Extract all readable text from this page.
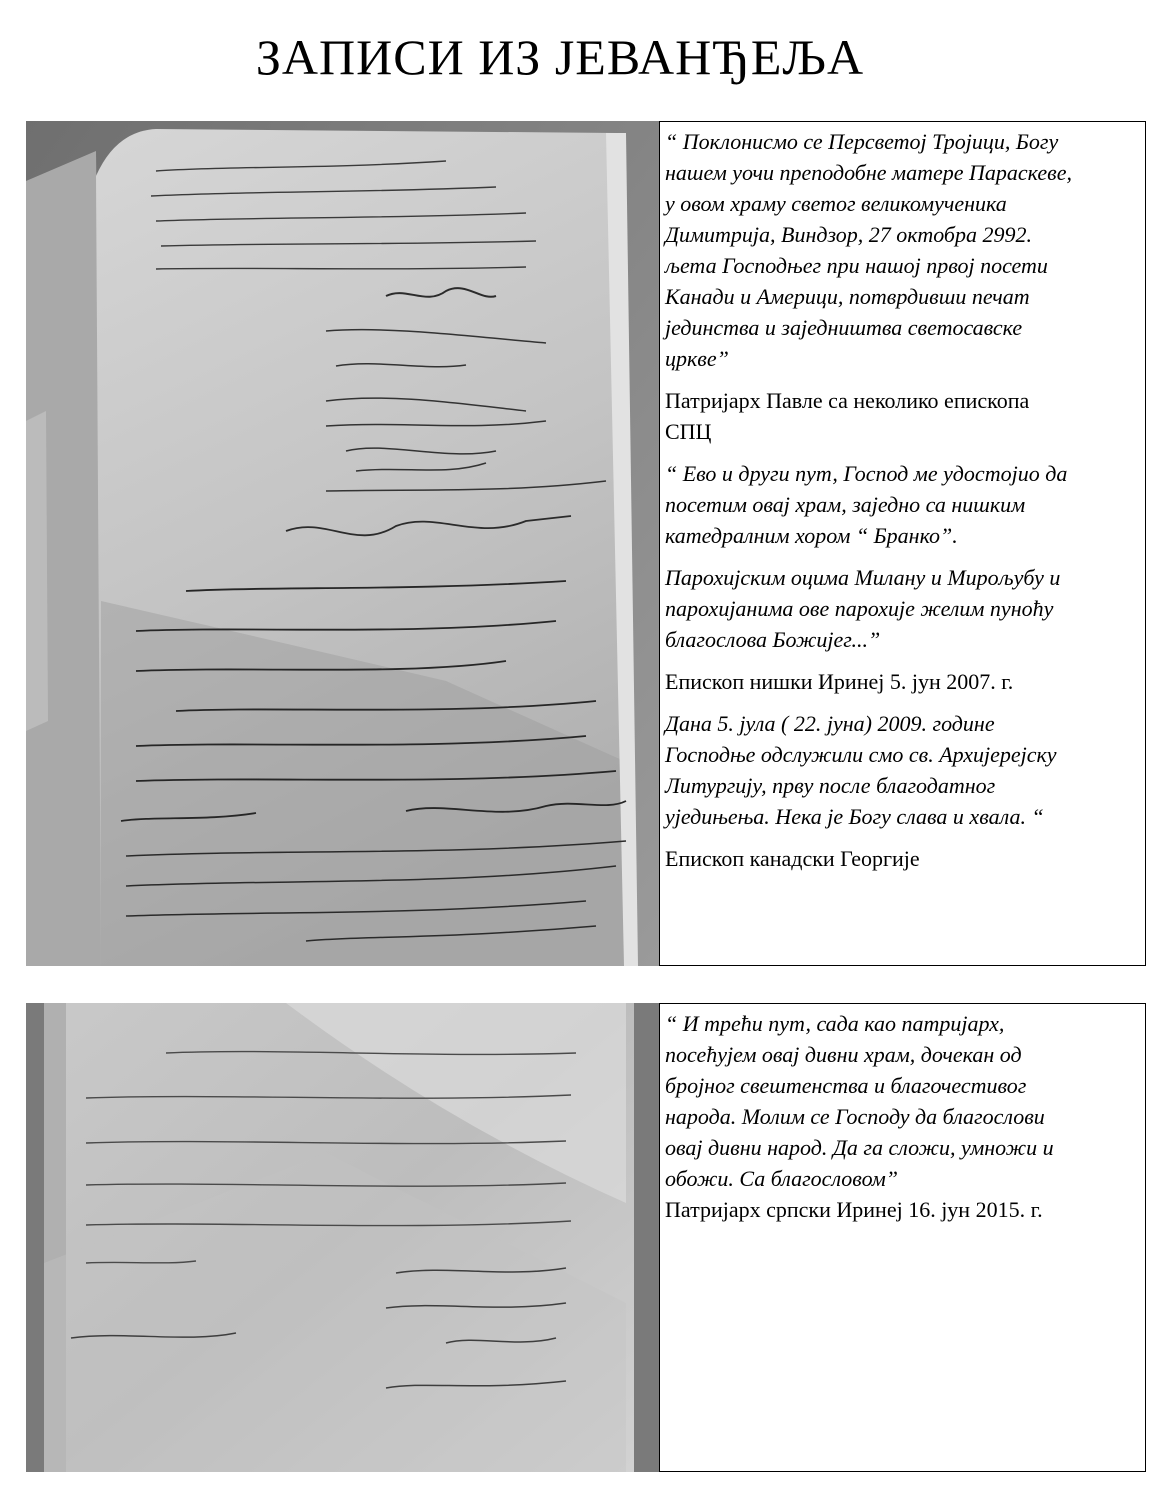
ЗАПИСИ ИЗ ЈЕВАНЂЕЉА

“ Поклонисмо се Персветој Тројици, Богу
нашем уочи преподобне матере Параскеве,
у овом храму светог великомученика
Димитрија, Виндзор, 27 октобра 2992.
љета Господњег при нашој првој посети
Канади и Америци, потврдивши печат
јединства и заједништва светосавске
цркве”

Патријарх Павле са неколико епископа
СПЦ

“ Ево и други пут, Господ ме удостојио да
посетим овај храм, заједно са нишким
катедралним хором “ Бранко”.

Парохијским оцима Милану и Мирољубу и
парохијанима ове парохије желим пуноћу
благослова Божијег...”

Епископ нишки Иринеј 5. јун 2007. г.

Дана 5. јула ( 22. јуна) 2009. године
Господње одслужили смо св. Архијерејску
Литургију, прву после благодатног
уједињења. Нека је Богу слава и хвала. “

Епископ канадски Георгије

“ И трећи пут, сада као патријарх,
посећујем овај дивни храм, дочекан од
бројног свештенства и благочестивог
народа. Молим се Господу да благослови
овај дивни народ. Да га сложи, умножи и
обожи. Са благословом”

Патријарх српски Иринеј 16. јун 2015. г.
